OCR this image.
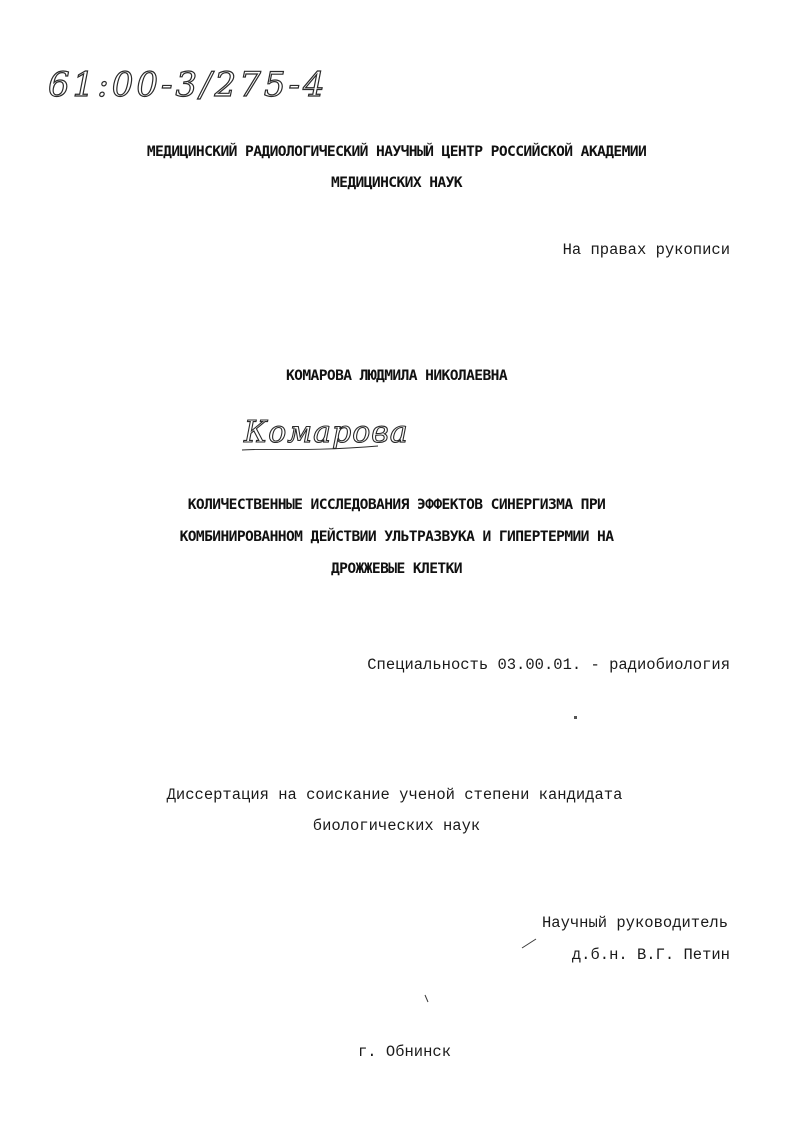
61:00-3/275-4
МЕДИЦИНСКИЙ РАДИОЛОГИЧЕСКИЙ НАУЧНЫЙ ЦЕНТР РОССИЙСКОЙ АКАДЕМИИ
МЕДИЦИНСКИХ НАУК
На правах рукописи
КОМАРОВА ЛЮДМИЛА НИКОЛАЕВНА
Комарова
КОЛИЧЕСТВЕННЫЕ ИССЛЕДОВАНИЯ ЭФФЕКТОВ СИНЕРГИЗМА ПРИ
КОМБИНИРОВАННОМ ДЕЙСТВИИ УЛЬТРАЗВУКА И ГИПЕРТЕРМИИ НА
ДРОЖЖЕВЫЕ КЛЕТКИ
Специальность 03.00.01. - радиобиология
Диссертация на соискание ученой степени кандидата
биологических наук
Научный руководитель
д.б.н. В.Г. Петин
г. Обнинск
